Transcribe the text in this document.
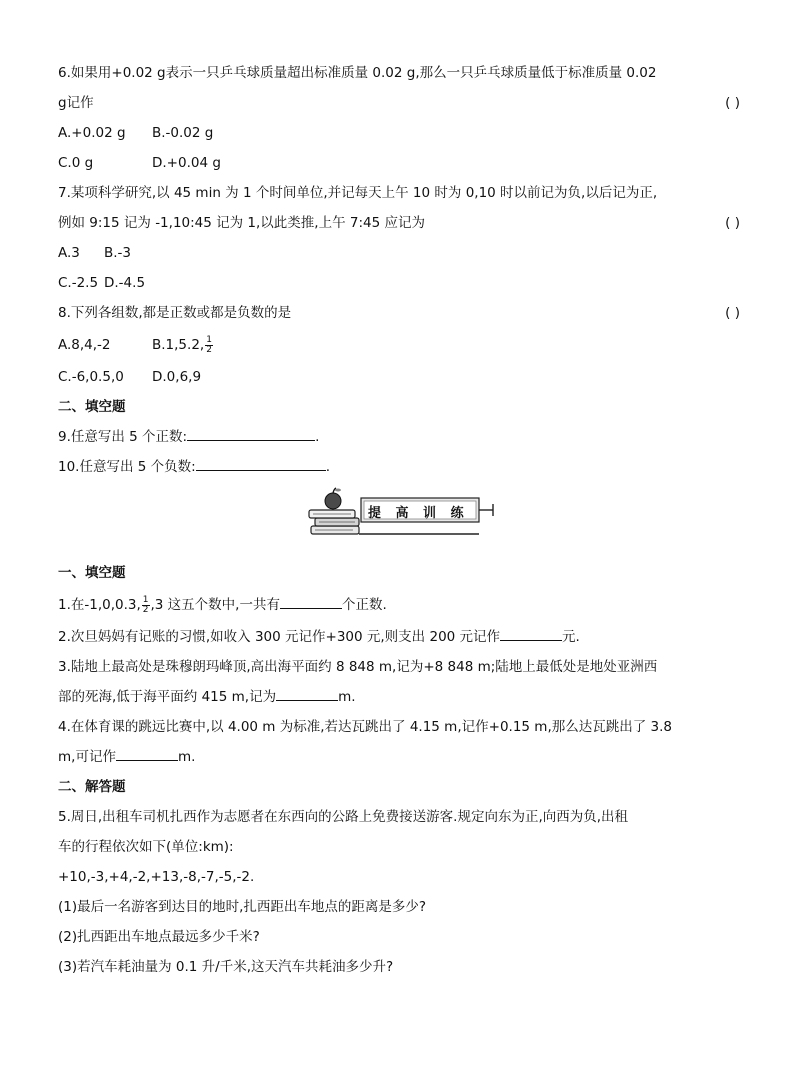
6.如果用+0.02 g表示一只乒乓球质量超出标准质量 0.02 g,那么一只乒乓球质量低于标准质量 0.02
g记作	( )
A.+0.02 g B.-0.02 g
C.0 g	D.+0.04 g
7.某项科学研究,以 45 min 为 1 个时间单位,并记每天上午 10 时为 0,10 时以前记为负,以后记为正,
例如 9:15 记为 -1,10:45 记为 1,以此类推,上午 7:45 应记为	( )
A.3 B.-3
C.-2.5 D.-4.5
8.下列各组数,都是正数或都是负数的是	( )
A.8,4,-2	B.1,5.2, $\frac{1}{2}$
C.-6,0.5,0 D.0,6,9
二、填空题
9.任意写出 5 个正数:	.
10.任意写出 5 个负数:	.
提 高 训 练
一、填空题
1.在-1,0,0.3, $\frac{1}{2} ,3$ 这五个数中,一共有	个正数.
2.次旦妈妈有记账的习惯,如收入 300 元记作+300 元,则支出 200 元记作	元.
3.陆地上最高处是珠穆朗玛峰顶,高出海平面约 8 848 m,记为+8 848 m;陆地上最低处是地处亚洲西
部的死海,低于海平面约 415 m,记为	m.
4.在体育课的跳远比赛中,以 4.00 m 为标准,若达瓦跳出了 4.15 m,记作+0.15 m,那么达瓦跳出了 3.8
m,可记作	m.
二、解答题
5.周日,出租车司机扎西作为志愿者在东西向的公路上免费接送游客.规定向东为正,向西为负,出租
车的行程依次如下(单位:km):
+10,-3,+4,-2,+13,-8,-7,-5,-2.
(1)最后一名游客到达目的地时,扎西距出车地点的距离是多少?
(2)扎西距出车地点最远多少千米?
(3)若汽车耗油量为 0.1 升/千米,这天汽车共耗油多少升?
